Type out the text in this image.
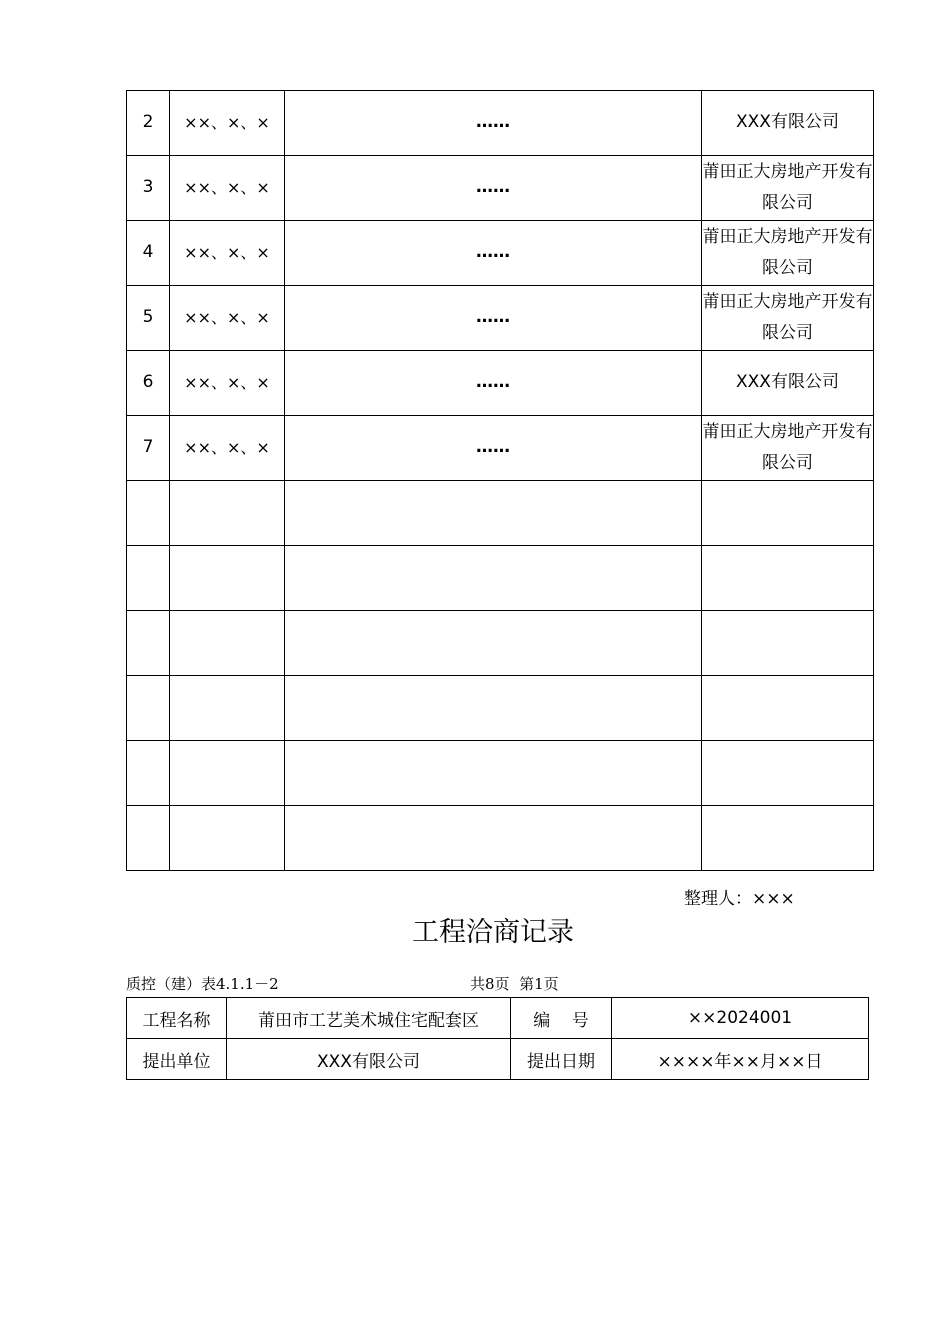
2	××、×、×	……	XXX有限公司
3	××、×、×	……	莆田正大房地产开发有限公司
4	××、×、×	……	莆田正大房地产开发有限公司
5	××、×、×	……	莆田正大房地产开发有限公司
6	××、×、×	……	XXX有限公司
7	××、×、×	……	莆田正大房地产开发有限公司

整理人：×××
工程洽商记录
质控（建）表4.1.1－2	共8页  第1页
工程名称	莆田市工艺美术城住宅配套区	编    号	××2024001
提出单位	XXX有限公司	提出日期	××××年××月××日
